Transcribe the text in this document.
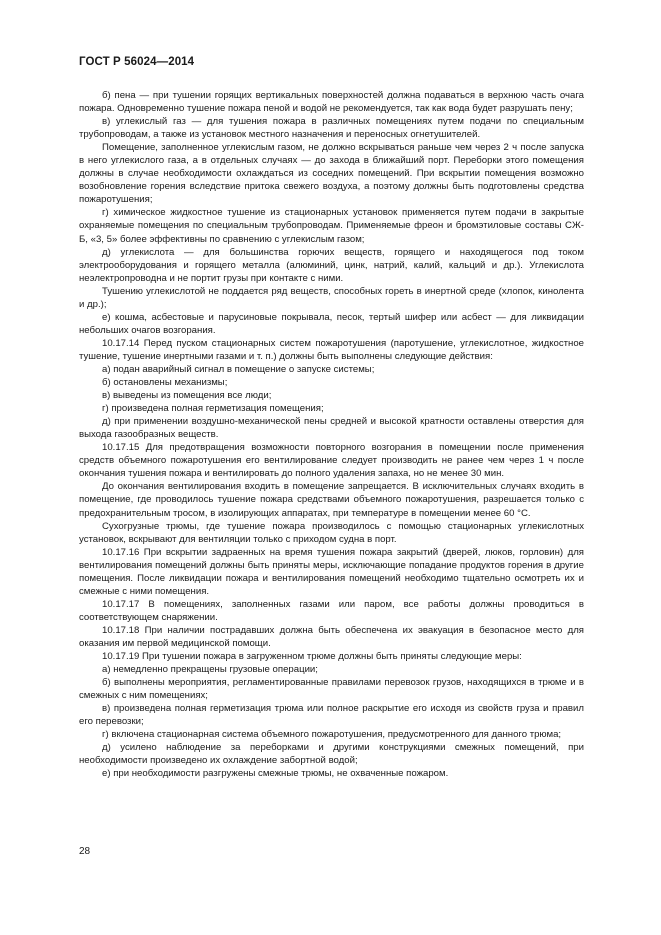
ГОСТ Р 56024—2014

б) пена — при тушении горящих вертикальных поверхностей должна подаваться в верхнюю часть очага пожара. Одновременно тушение пожара пеной и водой не рекомендуется, так как вода будет разрушать пену;

в) углекислый газ — для тушения пожара в различных помещениях путем подачи по специальным трубопроводам, а также из установок местного назначения и переносных огнетушителей.

Помещение, заполненное углекислым газом, не должно вскрываться раньше чем через 2 ч после запуска в него углекислого газа, а в отдельных случаях — до захода в ближайший порт. Переборки этого помещения должны в случае необходимости охлаждаться из соседних помещений. При вскрытии помещения возможно возобновление горения вследствие притока свежего воздуха, а поэтому должны быть подготовлены средства пожаротушения;

г) химическое жидкостное тушение из стационарных установок применяется путем подачи в закрытые охраняемые помещения по специальным трубопроводам. Применяемые фреон и бромэтиловые составы СЖ-Б, «3, 5» более эффективны по сравнению с углекислым газом;

д) углекислота — для большинства горючих веществ, горящего и находящегося под током электрооборудования и горящего металла (алюминий, цинк, натрий, калий, кальций и др.). Углекислота неэлектропроводна и не портит грузы при контакте с ними.

Тушению углекислотой не поддается ряд веществ, способных гореть в инертной среде (хлопок, кинолента и др.);

е) кошма, асбестовые и парусиновые покрывала, песок, тертый шифер или асбест — для ликвидации небольших очагов возгорания.

10.17.14 Перед пуском стационарных систем пожаротушения (паротушение, углекислотное, жидкостное тушение, тушение инертными газами и т. п.) должны быть выполнены следующие действия:

а) подан аварийный сигнал в помещение о запуске системы;

б) остановлены механизмы;

в) выведены из помещения все люди;

г) произведена полная герметизация помещения;

д) при применении воздушно-механической пены средней и высокой кратности оставлены отверстия для выхода газообразных веществ.

10.17.15 Для предотвращения возможности повторного возгорания в помещении после применения средств объемного пожаротушения его вентилирование следует производить не ранее чем через 1 ч после окончания тушения пожара и вентилировать до полного удаления запаха, но не менее 30 мин.

До окончания вентилирования входить в помещение запрещается. В исключительных случаях входить в помещение, где проводилось тушение пожара средствами объемного пожаротушения, разрешается только с предохранительным тросом, в изолирующих аппаратах, при температуре в помещении менее 60 °С.

Сухогрузные трюмы, где тушение пожара производилось с помощью стационарных углекислотных установок, вскрывают для вентиляции только с приходом судна в порт.

10.17.16 При вскрытии задраенных на время тушения пожара закрытий (дверей, люков, горловин) для вентилирования помещений должны быть приняты меры, исключающие попадание продуктов горения в другие помещения. После ликвидации пожара и вентилирования помещений необходимо тщательно осмотреть их и смежные с ними помещения.

10.17.17 В помещениях, заполненных газами или паром, все работы должны проводиться в соответствующем снаряжении.

10.17.18 При наличии пострадавших должна быть обеспечена их эвакуация в безопасное место для оказания им первой медицинской помощи.

10.17.19 При тушении пожара в загруженном трюме должны быть приняты следующие меры:

а) немедленно прекращены грузовые операции;

б) выполнены мероприятия, регламентированные правилами перевозок грузов, находящихся в трюме и в смежных с ним помещениях;

в) произведена полная герметизация трюма или полное раскрытие его исходя из свойств груза и правил его перевозки;

г) включена стационарная система объемного пожаротушения, предусмотренного для данного трюма;

д) усилено наблюдение за переборками и другими конструкциями смежных помещений, при необходимости произведено их охлаждение забортной водой;

е) при необходимости разгружены смежные трюмы, не охваченные пожаром.

28
